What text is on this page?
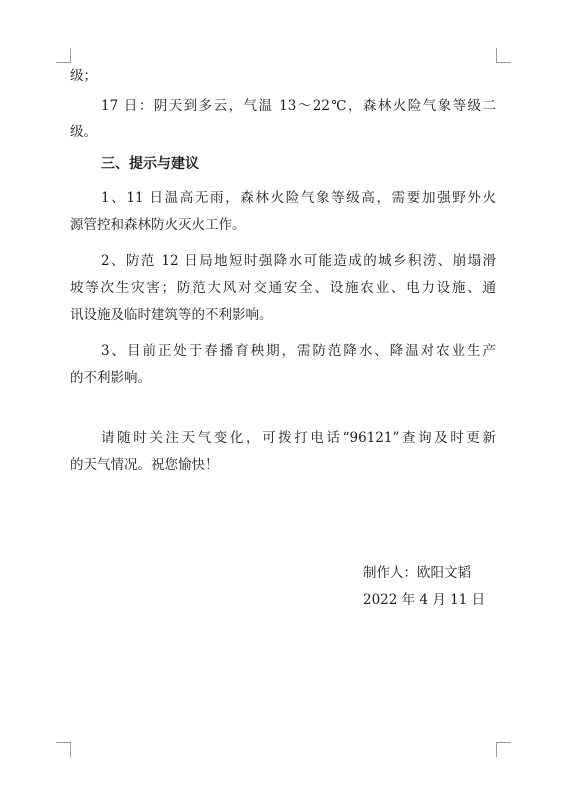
级；
17 日：阴天到多云，气温 13～22℃，森林火险气象等级二
级。
三、提示与建议
1、11 日温高无雨，森林火险气象等级高，需要加强野外火
源管控和森林防火灭火工作。
2、防范 12 日局地短时强降水可能造成的城乡积涝、崩塌滑
坡等次生灾害；防范大风对交通安全、设施农业、电力设施、通
讯设施及临时建筑等的不利影响。
3、目前正处于春播育秧期，需防范降水、降温对农业生产
的不利影响。
请随时关注天气变化，可拨打电话“96121”查询及时更新
的天气情况。祝您愉快！
制作人：欧阳文韬
2022 年 4 月 11 日
